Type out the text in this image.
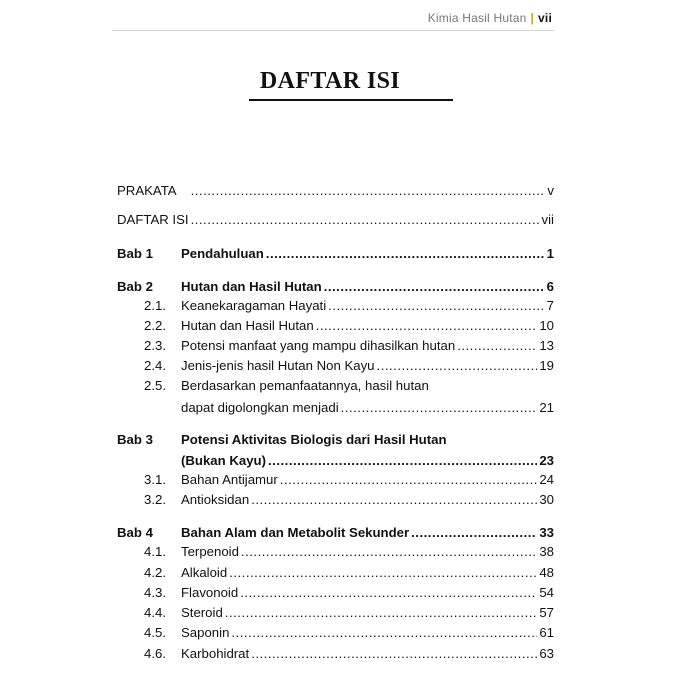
Kimia Hasil Hutan | vii
DAFTAR ISI
PRAKATA .....	v
DAFTAR ISI .....	vii
Bab 1 Pendahuluan .....	1
Bab 2 Hutan dan Hasil Hutan .....	6
2.1. Keanekaragaman Hayati .....	7
2.2. Hutan dan Hasil Hutan .....	10
2.3. Potensi manfaat yang mampu dihasilkan hutan .....	13
2.4. Jenis-jenis hasil Hutan Non Kayu .....	19
2.5. Berdasarkan pemanfaatannya, hasil hutan
dapat digolongkan menjadi .....	21
Bab 3 Potensi Aktivitas Biologis dari Hasil Hutan
(Bukan Kayu) .....	23
3.1. Bahan Antijamur .....	24
3.2. Antioksidan .....	30
Bab 4 Bahan Alam dan Metabolit Sekunder .....	33
4.1. Terpenoid .....	38
4.2. Alkaloid .....	48
4.3. Flavonoid .....	54
4.4. Steroid .....	57
4.5. Saponin .....	61
4.6. Karbohidrat .....	63
